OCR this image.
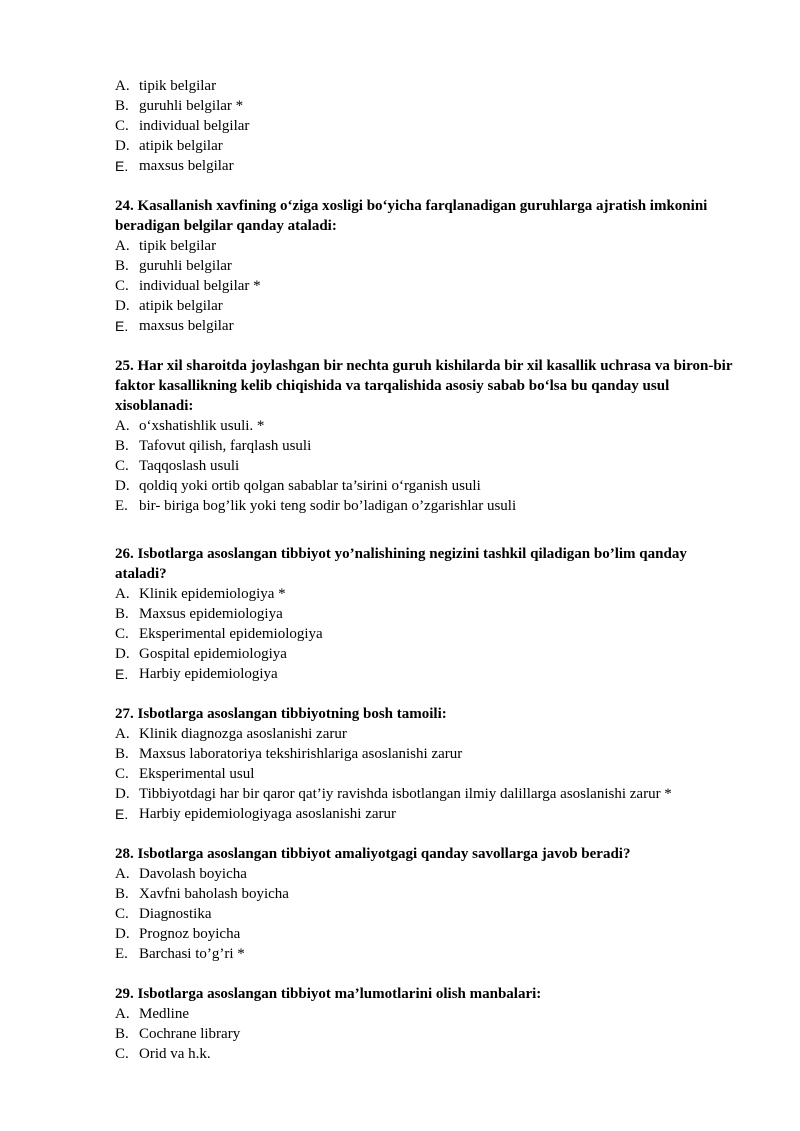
A. tipik belgilar
B. guruhli belgilar *
C. individual belgilar
D. atipik belgilar
E. maxsus belgilar

24. Kasallanish xavfining o‘ziga xosligi bo‘yicha farqlanadigan guruhlarga ajratish imkonini beradigan belgilar qanday ataladi:

A. tipik belgilar
B. guruhli belgilar
C. individual belgilar *
D. atipik belgilar
E. maxsus belgilar

25. Har xil sharoitda joylashgan bir nechta guruh kishilarda bir xil kasallik uchrasa va biron-bir faktor kasallikning kelib chiqishida va tarqalishida asosiy sabab bo‘lsa bu qanday usul xisoblanadi:

A. o‘xshatishlik usuli. *
B. Tafovut qilish, farqlash usuli
C. Taqqoslash usuli
D. qoldiq yoki ortib qolgan sabablar ta’sirini o‘rganish usuli
E. bir- biriga bog’lik yoki teng sodir bo’ladigan o’zgarishlar usuli

26. Isbotlarga asoslangan tibbiyot yo’nalishining negizini tashkil qiladigan bo’lim qanday ataladi?

A. Klinik epidemiologiya *
B. Maxsus epidemiologiya
C. Eksperimental epidemiologiya
D. Gospital epidemiologiya
E. Harbiy epidemiologiya

27. Isbotlarga asoslangan tibbiyotning bosh tamoili:

A. Klinik diagnozga asoslanishi zarur
B. Maxsus laboratoriya tekshirishlariga asoslanishi zarur
C. Eksperimental usul
D. Tibbiyotdagi har bir qaror qat’iy ravishda isbotlangan ilmiy dalillarga asoslanishi zarur *
E. Harbiy epidemiologiyaga asoslanishi zarur

28. Isbotlarga asoslangan tibbiyot amaliyotgagi qanday savollarga javob beradi?

A. Davolash boyicha
B. Xavfni baholash boyicha
C. Diagnostika
D. Prognoz boyicha
E. Barchasi to’g’ri *

29. Isbotlarga asoslangan tibbiyot ma’lumotlarini olish manbalari:

A. Medline
B. Cochrane library
C. Orid va h.k.
